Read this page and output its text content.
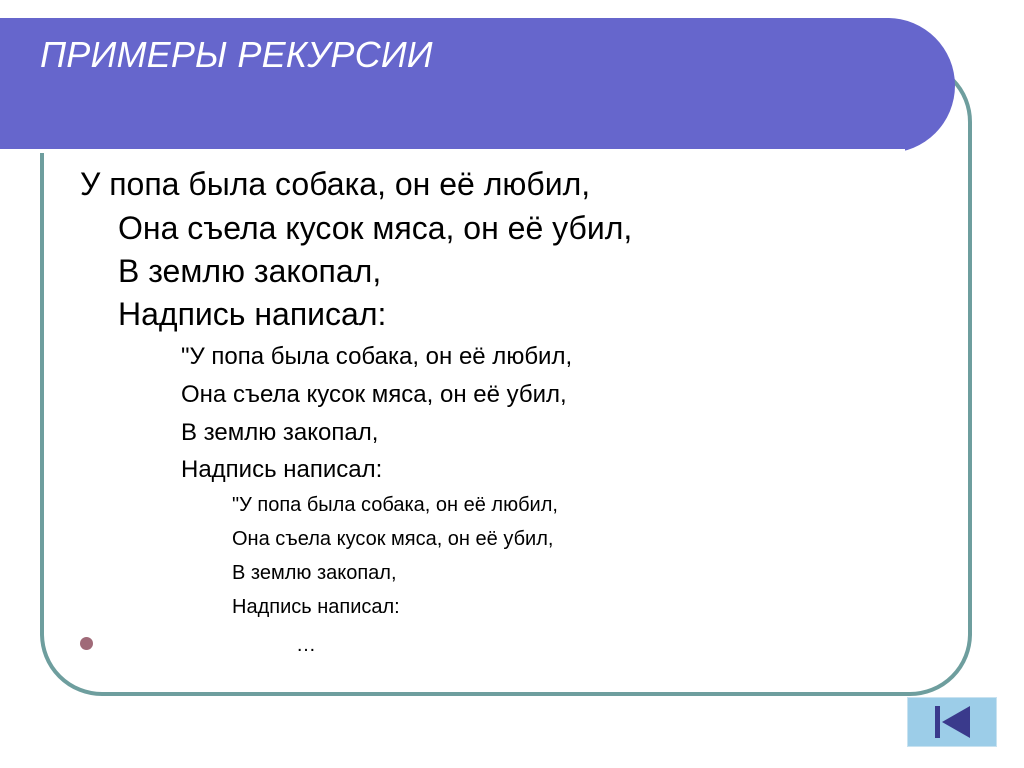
ПРИМЕРЫ РЕКУРСИИ
У попа была собака, он её любил,
Она съела кусок мяса, он её убил,
В землю закопал,
Надпись написал:
"У попа была собака, он её любил,
Она съела кусок мяса, он её убил,
В землю закопал,
Надпись написал:
"У попа была собака, он её любил,
Она съела кусок мяса, он её убил,
В землю закопал,
Надпись написал:
…
